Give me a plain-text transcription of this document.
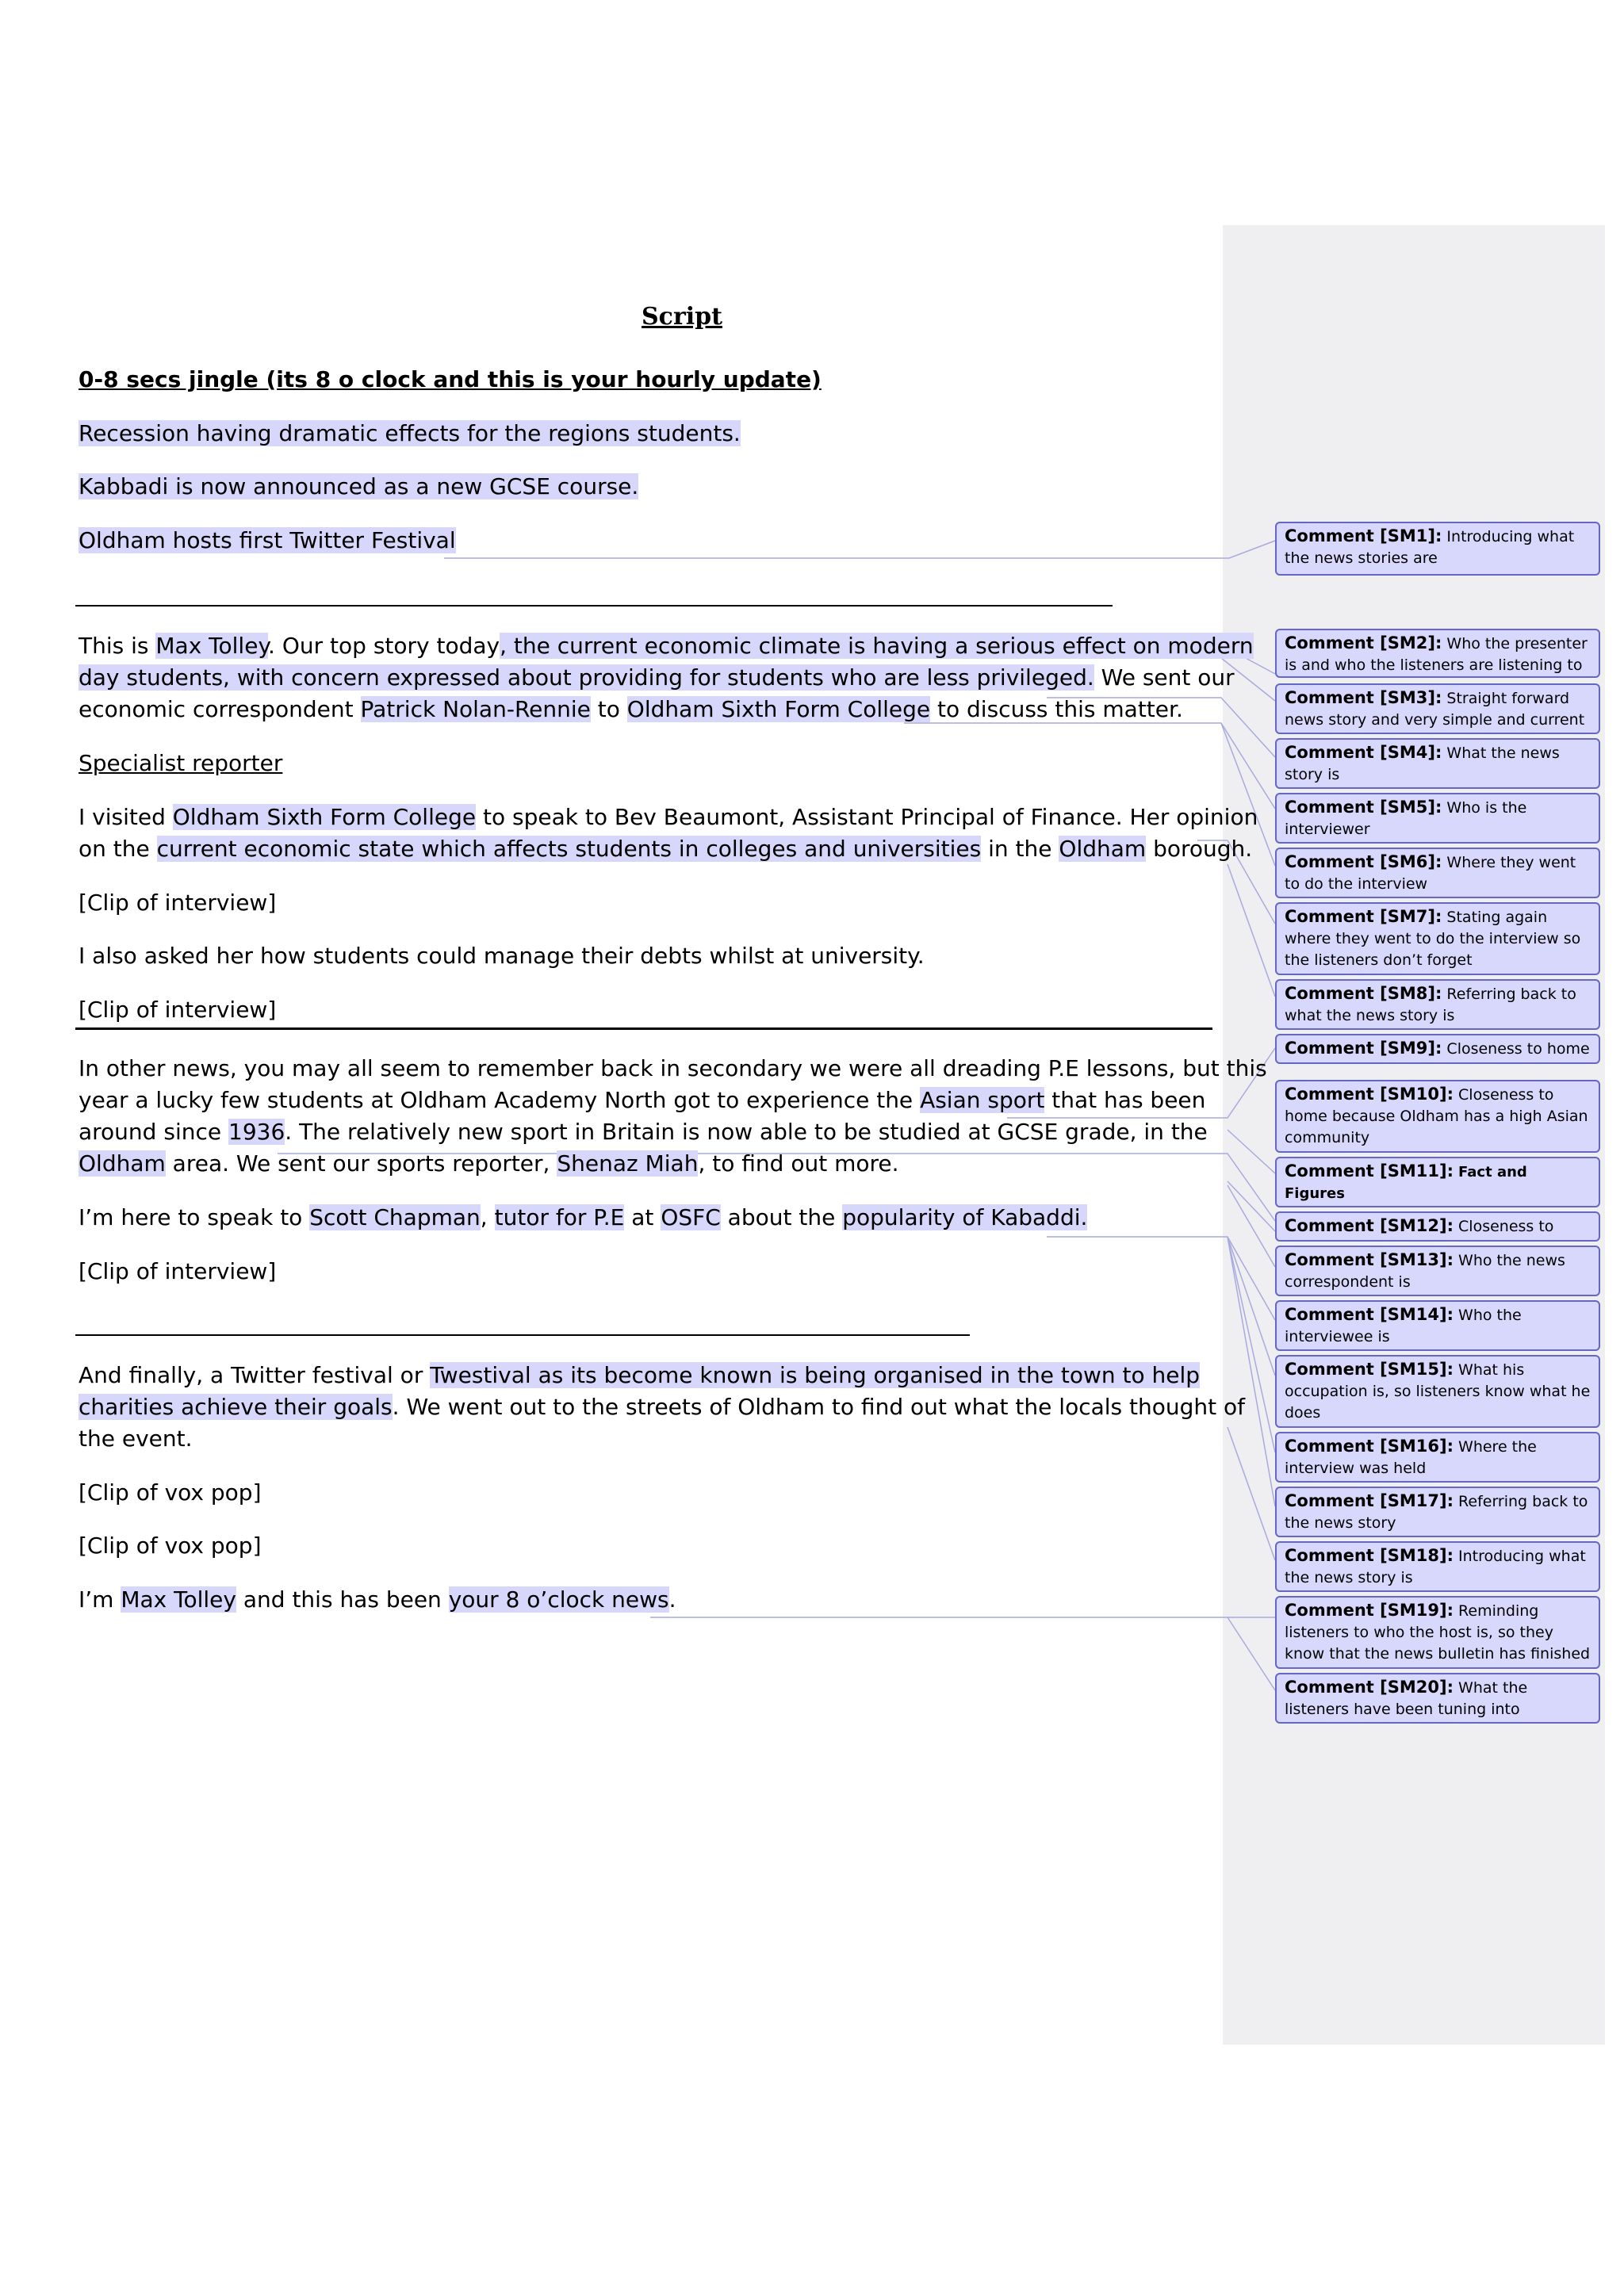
Script
0-8 secs jingle (its 8 o clock and this is your hourly update)
Recession having dramatic effects for the regions students.
Kabbadi is now announced as a new GCSE course.
Oldham hosts first Twitter Festival
This is Max Tolley. Our top story today, the current economic climate is having a serious effect on modern
day students, with concern expressed about providing for students who are less privileged. We sent our
economic correspondent Patrick Nolan-Rennie to Oldham Sixth Form College to discuss this matter.
Specialist reporter
I visited Oldham Sixth Form College to speak to Bev Beaumont, Assistant Principal of Finance. Her opinion
on the current economic state which affects students in colleges and universities in the Oldham borough.
[Clip of interview]
I also asked her how students could manage their debts whilst at university.
[Clip of interview]
In other news, you may all seem to remember back in secondary we were all dreading P.E lessons, but this
year a lucky few students at Oldham Academy North got to experience the Asian sport that has been
around since 1936. The relatively new sport in Britain is now able to be studied at GCSE grade, in the
Oldham area. We sent our sports reporter, Shenaz Miah, to find out more.
I’m here to speak to Scott Chapman, tutor for P.E at OSFC about the popularity of Kabaddi.
[Clip of interview]
And finally, a Twitter festival or Twestival as its become known is being organised in the town to help
charities achieve their goals. We went out to the streets of Oldham to find out what the locals thought of
the event.
[Clip of vox pop]
[Clip of vox pop]
I’m Max Tolley and this has been your 8 o’clock news.
Comment [SM1]: Introducing what the news stories are
Comment [SM2]: Who the presenter is and who the listeners are listening to
Comment [SM3]: Straight forward news story and very simple and current
Comment [SM4]: What the news story is
Comment [SM5]: Who is the interviewer
Comment [SM6]: Where they went to do the interview
Comment [SM7]: Stating again where they went to do the interview so the listeners don’t forget
Comment [SM8]: Referring back to what the news story is
Comment [SM9]: Closeness to home
Comment [SM10]: Closeness to home because Oldham has a high Asian community
Comment [SM11]: Fact and Figures

Comment [SM12]: Closeness to
Comment [SM13]: Who the news correspondent is
Comment [SM14]: Who the interviewee is
Comment [SM15]: What his occupation is, so listeners know what he does
Comment [SM16]: Where the interview was held
Comment [SM17]: Referring back to the news story
Comment [SM18]: Introducing what the news story is
Comment [SM19]: Reminding listeners to who the host is, so they know that the news bulletin has finished
Comment [SM20]: What the listeners have been tuning into
